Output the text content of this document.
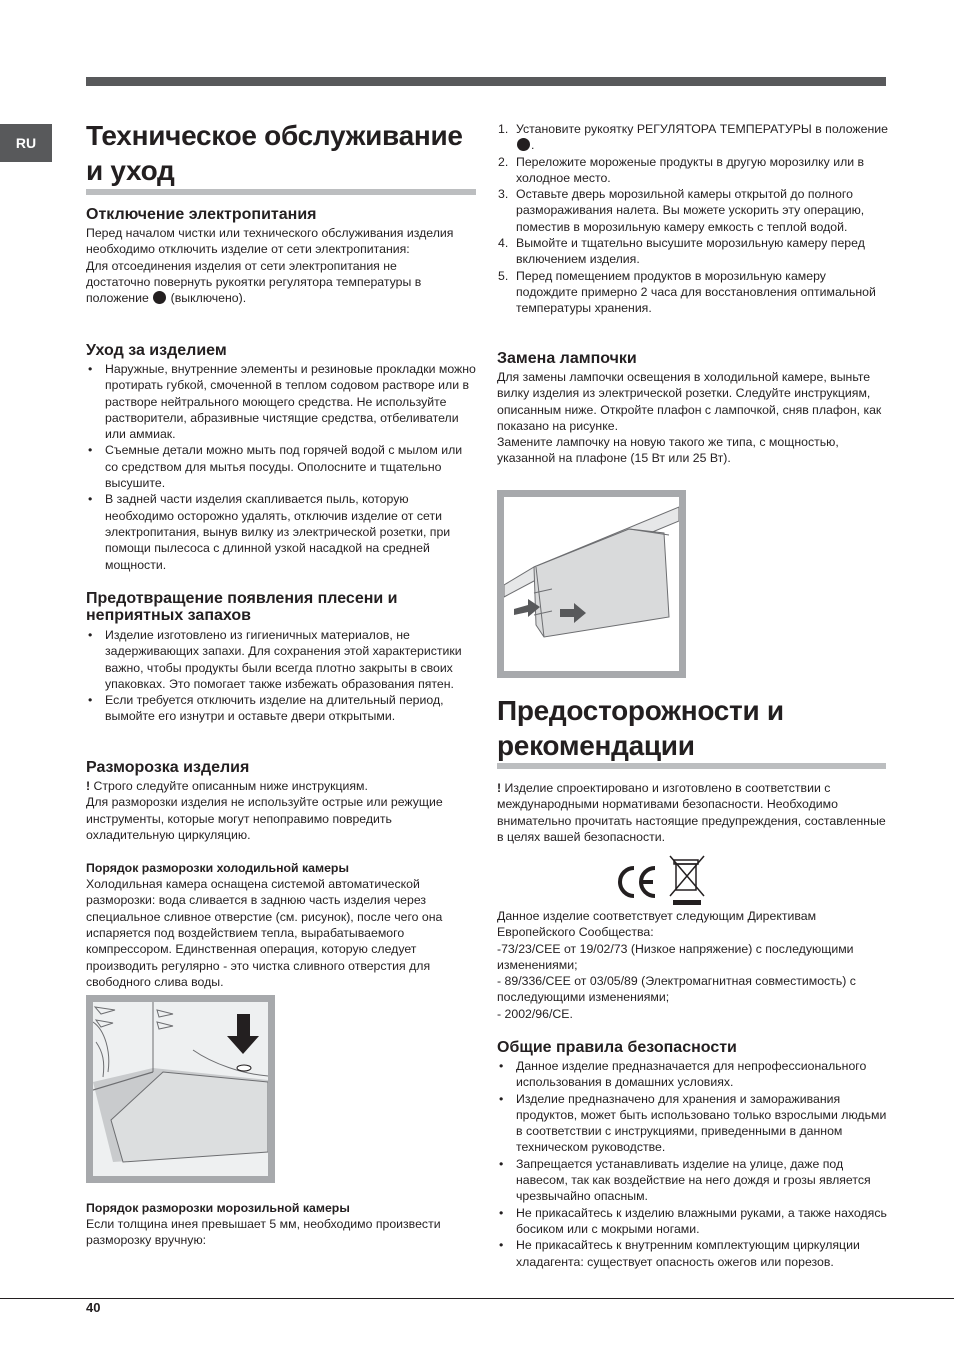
RU	Техническое обслуживание
и уход
Отключение электропитания
Перед началом чистки или технического обслуживания изделия необходимо отключить изделие от сети электропитания:
Для отсоединения изделия от сети электропитания не достаточно повернуть рукоятки регулятора температуры в положение (выключено).
Уход за изделием
• Наружные, внутренние элементы и резиновые прокладки можно протирать губкой, смоченной в теплом содовом растворе или в растворе нейтрального моющего средства. Не используйте растворители, абразивные чистящие средства, отбеливатели или аммиак.
• Съемные детали можно мыть под горячей водой с мылом или со средством для мытья посуды. Ополосните и тщательно высушите.
• В задней части изделия скапливается пыль, которую необходимо осторожно удалять, отключив изделие от сети электропитания, вынув вилку из электрической розетки, при помощи пылесоса с длинной узкой насадкой на средней мощности.
Предотвращение появления плесени и неприятных запахов
• Изделие изготовлено из гигиеничных материалов, не задерживающих запахи. Для сохранения этой характеристики важно, чтобы продукты были всегда плотно закрыты в своих упаковках. Это помогает также избежать образования пятен.
• Если требуется отключить изделие на длительный период, вымойте его изнутри и оставьте двери открытыми.
Разморозка изделия
! Строго следуйте описанным ниже инструкциям.
Для разморозки изделия не используйте острые или режущие инструменты, которые могут непоправимо повредить охладительную циркуляцию.
Порядок разморозки холодильной камеры
Холодильная камера оснащена системой автоматической разморозки: вода сливается в заднюю часть изделия через специальное сливное отверстие (см. рисунок), после чего она испаряется под воздействием тепла, вырабатываемого компрессором. Единственная операция, которую следует производить регулярно - это чистка сливного отверстия для свободного слива воды.
Порядок разморозки морозильной камеры
Если толщина инея превышает 5 мм, необходимо произвести разморозку вручную:
1. Установите рукоятку РЕГУЛЯТОРА ТЕМПЕРАТУРЫ в положение .
2. Переложите мороженые продукты в другую морозилку или в холодное место.
3. Оставьте дверь морозильной камеры открытой до полного размораживания налета. Вы можете ускорить эту операцию, поместив в морозильную камеру емкость с теплой водой.
4. Вымойте и тщательно высушите морозильную камеру перед включением изделия.
5. Перед помещением продуктов в морозильную камеру подождите примерно 2 часа для восстановления оптимальной температуры хранения.
Замена лампочки
Для замены лампочки освещения в холодильной камере, выньте вилку изделия из электрической розетки. Следуйте инструкциям, описанным ниже. Откройте плафон с лампочкой, сняв плафон, как показано на рисунке.
Замените лампочку на новую такого же типа, с мощностью, указанной на плафоне (15 Вт или 25 Вт).
Предосторожности и
рекомендации
! Изделие спроектировано и изготовлено в соответствии с международными нормативами безопасности. Необходимо внимательно прочитать настоящие предупреждения, составленные в целях вашей безопасности.
Данное изделие соответствует следующим Директивам Европейского Сообщества:
-73/23/CEE от 19/02/73 (Низкое напряжение) с последующими изменениями;
- 89/336/CEE от 03/05/89 (Электромагнитная совместимость) с последующими изменениями;
- 2002/96/CE.
Общие правила безопасности
• Данное изделие предназначается для непрофессионального использования в домашних условиях.
• Изделие предназначено для хранения и замораживания продуктов, может быть использовано только взрослыми людьми в соответствии с инструкциями, приведенными в данном техническом руководстве.
• Запрещается устанавливать изделие на улице, даже под навесом, так как воздействие на него дождя и грозы является чрезвычайно опасным.
• Не прикасайтесь к изделию влажными руками, а также находясь босиком или с мокрыми ногами.
• Не прикасайтесь к внутренним комплектующим циркуляции хладагента: существует опасность ожегов или порезов.
40
